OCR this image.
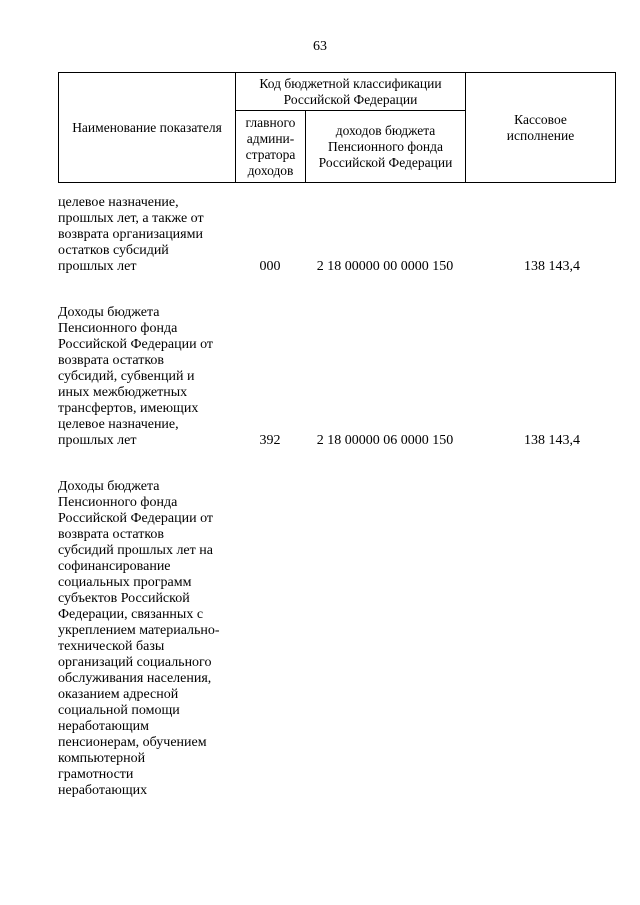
63
Наименование показателя	Код бюджетной классификации Российской Федерации		Кассовое исполнение
	главного админи-стратора доходов	доходов бюджета Пенсионного фонда Российской Федерации	
целевое назначение,
прошлых лет, а также от
возврата организациями
остатков субсидий
прошлых лет	000	2 18 00000 00 0000 150	138 143,4
Доходы бюджета
Пенсионного фонда
Российской Федерации от
возврата остатков
субсидий, субвенций и
иных межбюджетных
трансфертов, имеющих
целевое назначение,
прошлых лет	392	2 18 00000 06 0000 150	138 143,4
Доходы бюджета
Пенсионного фонда
Российской Федерации от
возврата остатков
субсидий прошлых лет на
софинансирование
социальных программ
субъектов Российской
Федерации, связанных с
укреплением материально-
технической базы
организаций социального
обслуживания населения,
оказанием адресной
социальной помощи
неработающим
пенсионерам, обучением
компьютерной
грамотности
неработающих
